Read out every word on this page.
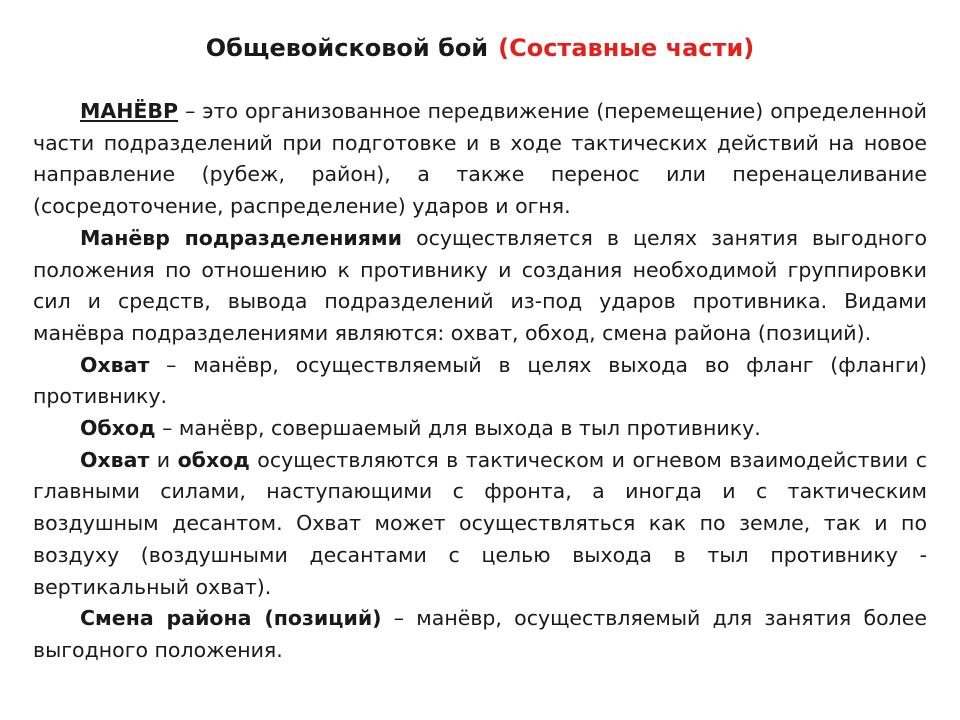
Общевойсковой бой (Составные части)

МАНЁВР – это организованное передвижение (перемещение) определенной части подразделений при подготовке и в ходе тактических действий на новое направление (рубеж, район), а также перенос или перенацеливание (сосредоточение, распределение) ударов и огня.

Манёвр подразделениями осуществляется в целях занятия выгодного положения по отношению к противнику и создания необходимой группировки сил и средств, вывода подразделений из-под ударов противника. Видами манёвра подразделениями являются: охват, обход, смена района (позиций).

Охват – манёвр, осуществляемый в целях выхода во фланг (фланги) противнику.

Обход – манёвр, совершаемый для выхода в тыл противнику.

Охват и обход осуществляются в тактическом и огневом взаимодействии с главными силами, наступающими с фронта, а иногда и с тактическим воздушным десантом. Охват может осуществляться как по земле, так и по воздуху (воздушными десантами с целью выхода в тыл противнику - вертикальный охват).

Смена района (позиций) – манёвр, осуществляемый для занятия более выгодного положения.
